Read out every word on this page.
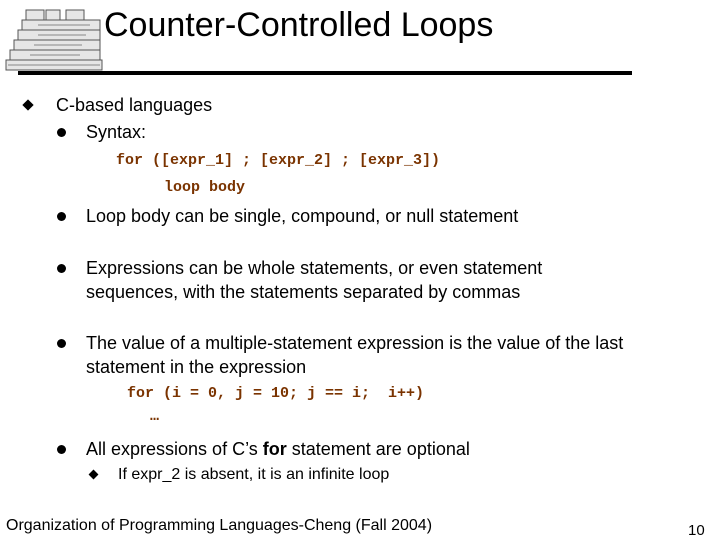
Counter-Controlled Loops
C-based languages
Syntax:
for ([expr_1] ; [expr_2] ; [expr_3])
loop body
Loop body can be single, compound, or null statement
Expressions can be whole statements, or even statement
sequences, with the statements separated by commas
The value of a multiple-statement expression is the value of the last
statement in the expression
for (i = 0, j = 10; j == i;  i++)
…
All expressions of C’s for statement are optional
If expr_2 is absent, it is an infinite loop
Organization of Programming Languages-Cheng (Fall 2004)	10
